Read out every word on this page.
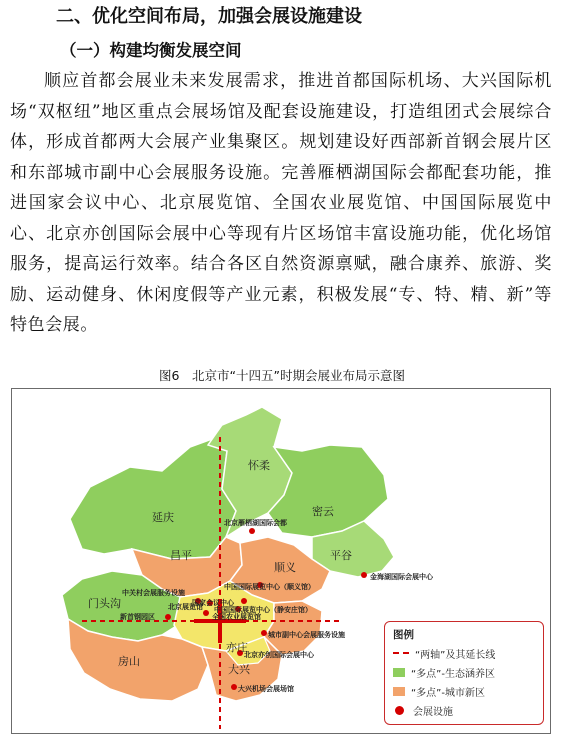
二、优化空间布局，加强会展设施建设
（一）构建均衡发展空间

顺应首都会展业未来发展需求，推进首都国际机场、大兴国际机场“双枢纽”地区重点会展场馆及配套设施建设，打造组团式会展综合体，形成首都两大会展产业集聚区。规划建设好西部新首钢会展片区和东部城市副中心会展服务设施。完善雁栖湖国际会都配套功能，推进国家会议中心、北京展览馆、全国农业展览馆、中国国际展览中心、北京亦创国际会展中心等现有片区场馆丰富设施功能，优化场馆服务，提高运行效率。结合各区自然资源禀赋，融合康养、旅游、奖励、运动健身、休闲度假等产业元素，积极发展“专、特、精、新”等特色会展。

图6　北京市“十四五”时期会展业布局示意图
怀柔
延庆	密云
平谷
昌平
顺义
门头沟
房山
亦庄
大兴
北京雁栖湖国际会都
金海湖国际会展中心
中国国际展览中心（顺义馆）
中关村会展服务设施
国家会议中心
中国国际展览中心（静安庄馆）
北京展览馆
全国农业展览馆
新首钢园区
城市副中心会展服务设施
北京亦创国际会展中心
大兴机场会展场馆
图例
“两轴”及其延长线
“多点”-生态涵养区
“多点”-城市新区
会展设施
